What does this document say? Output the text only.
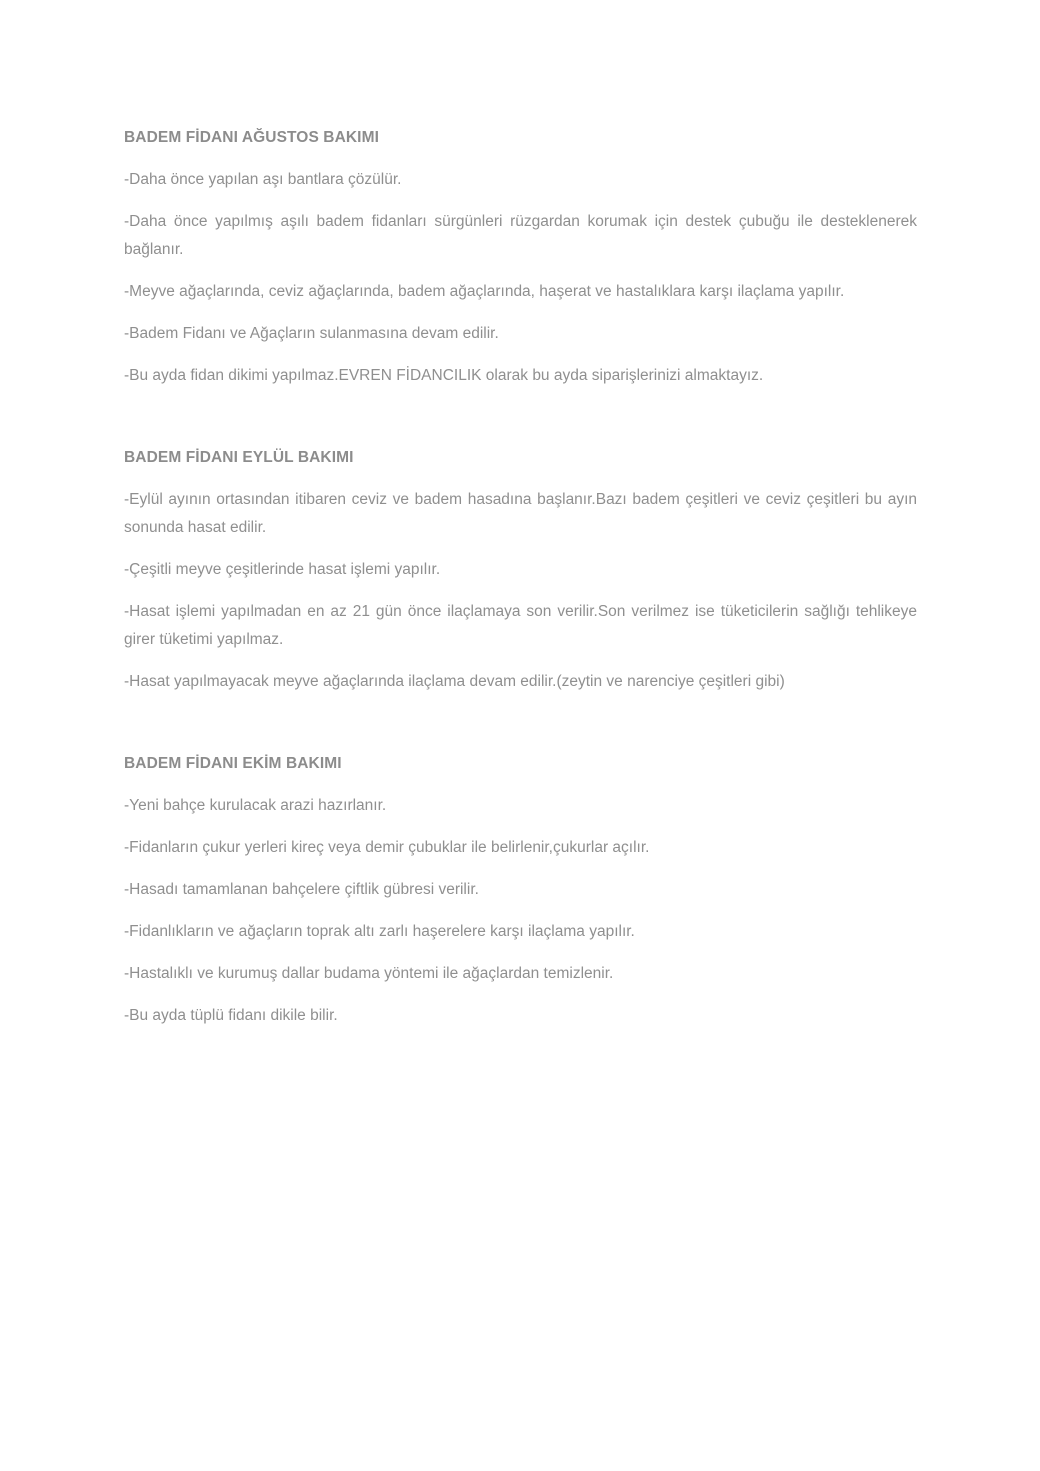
BADEM FİDANI AĞUSTOS BAKIMI

-Daha önce yapılan aşı bantlara çözülür.

-Daha önce yapılmış aşılı badem fidanları sürgünleri rüzgardan korumak için destek çubuğu ile desteklenerek bağlanır.

-Meyve ağaçlarında, ceviz ağaçlarında, badem ağaçlarında, haşerat ve hastalıklara karşı ilaçlama yapılır.

-Badem Fidanı ve Ağaçların sulanmasına devam edilir.

-Bu ayda fidan dikimi yapılmaz.EVREN FİDANCILIK olarak bu ayda siparişlerinizi almaktayız.

BADEM FİDANI EYLÜL BAKIMI

-Eylül ayının ortasından itibaren ceviz ve badem hasadına başlanır.Bazı badem çeşitleri ve ceviz çeşitleri bu ayın sonunda hasat edilir.

-Çeşitli meyve çeşitlerinde hasat işlemi yapılır.

-Hasat işlemi yapılmadan en az 21 gün önce ilaçlamaya son verilir.Son verilmez ise tüketicilerin sağlığı tehlikeye girer tüketimi yapılmaz.

-Hasat yapılmayacak meyve ağaçlarında ilaçlama devam edilir.(zeytin ve narenciye çeşitleri gibi)

BADEM FİDANI EKİM BAKIMI

-Yeni bahçe kurulacak arazi hazırlanır.

-Fidanların çukur yerleri kireç veya demir çubuklar ile belirlenir,çukurlar açılır.

-Hasadı tamamlanan bahçelere çiftlik gübresi verilir.

-Fidanlıkların ve ağaçların toprak altı zarlı haşerelere karşı ilaçlama yapılır.

-Hastalıklı ve kurumuş dallar budama yöntemi ile ağaçlardan temizlenir.

-Bu ayda tüplü fidanı dikile bilir.
